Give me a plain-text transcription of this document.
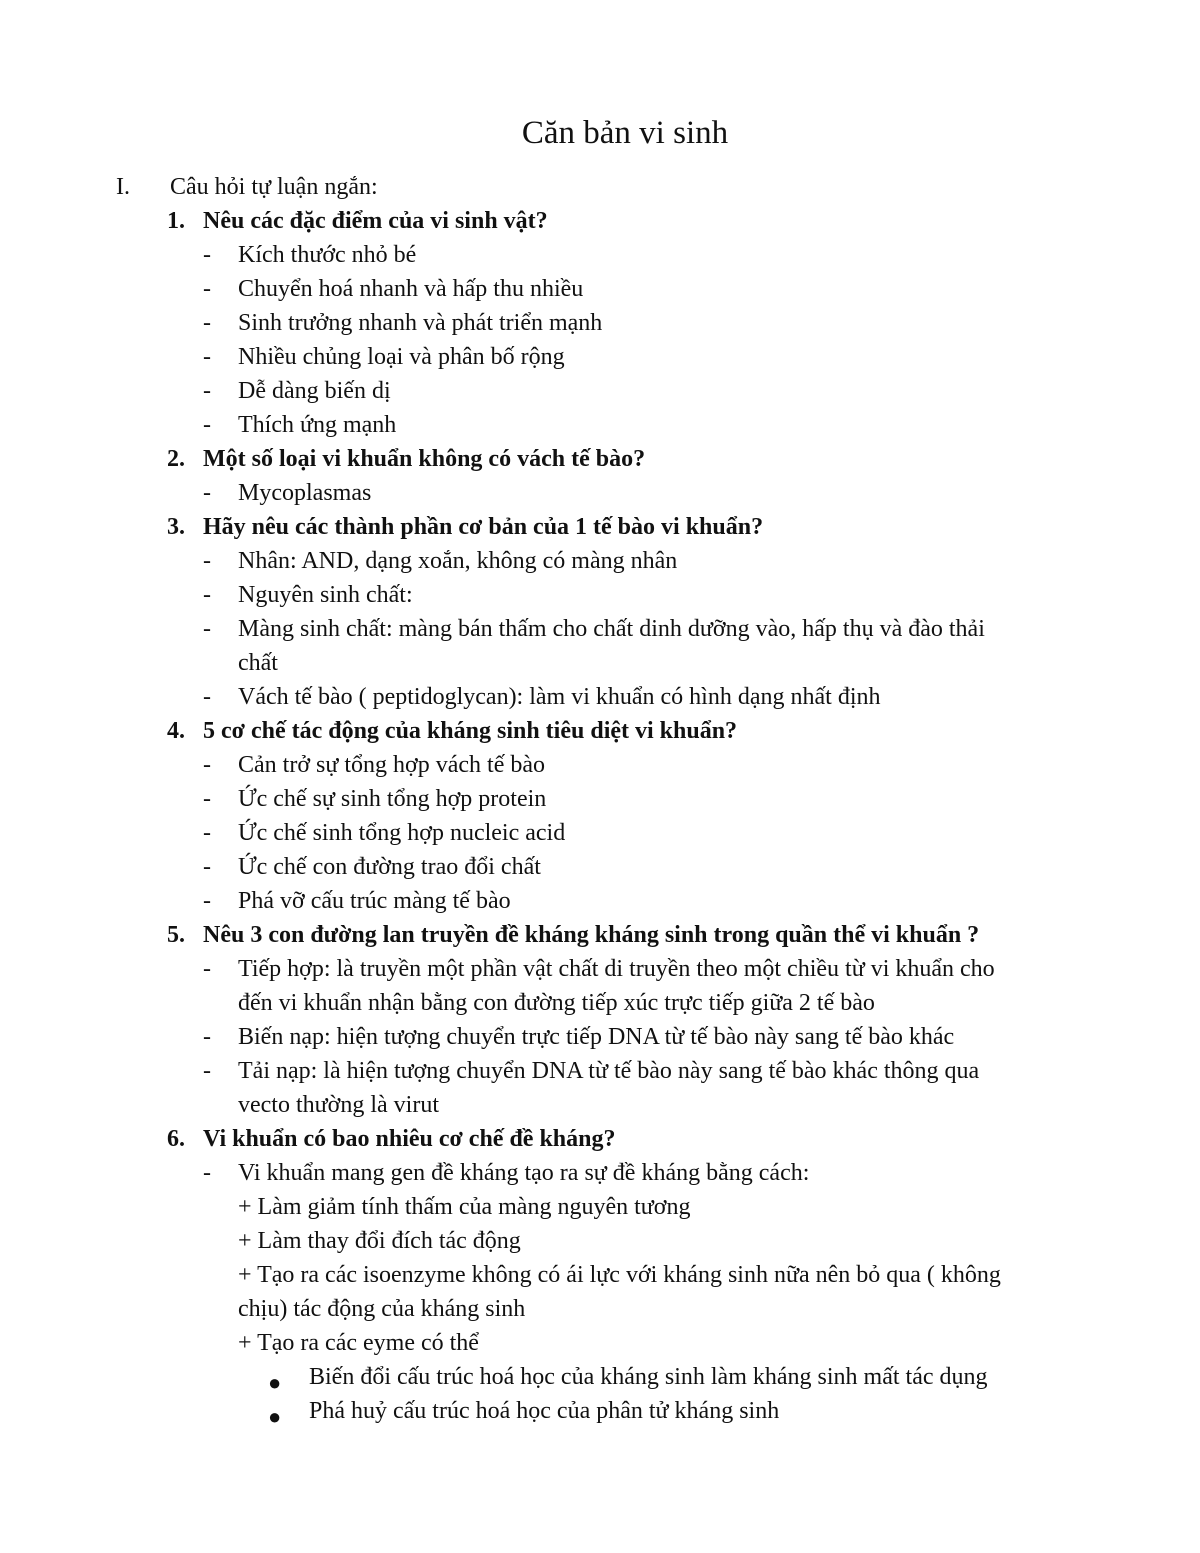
Căn bản vi sinh
I. Câu hỏi tự luận ngắn:
1. Nêu các đặc điểm của vi sinh vật?
- Kích thước nhỏ bé
- Chuyển hoá nhanh và hấp thu nhiều
- Sinh trưởng nhanh và phát triển mạnh
- Nhiều chủng loại và phân bố rộng
- Dễ dàng biến dị
- Thích ứng mạnh
2. Một số loại vi khuẩn không có vách tế bào?
- Mycoplasmas
3. Hãy nêu các thành phần cơ bản của 1 tế bào vi khuẩn?
- Nhân: AND, dạng xoắn, không có màng nhân
- Nguyên sinh chất:
- Màng sinh chất: màng bán thấm cho chất dinh dưỡng vào, hấp thụ và đào thải
chất
- Vách tế bào ( peptidoglycan): làm vi khuẩn có hình dạng nhất định
4. 5 cơ chế tác động của kháng sinh tiêu diệt vi khuẩn?
- Cản trở sự tổng hợp vách tế bào
- Ức chế sự sinh tổng hợp protein
- Ức chế sinh tổng hợp nucleic acid
- Ức chế con đường trao đổi chất
- Phá vỡ cấu trúc màng tế bào
5. Nêu 3 con đường lan truyền đề kháng kháng sinh trong quần thể vi khuẩn ?
- Tiếp hợp: là truyền một phần vật chất di truyền theo một chiều từ vi khuẩn cho
đến vi khuẩn nhận bằng con đường tiếp xúc trực tiếp giữa 2 tế bào
- Biến nạp: hiện tượng chuyển trực tiếp DNA từ tế bào này sang tế bào khác
- Tải nạp: là hiện tượng chuyển DNA từ tế bào này sang tế bào khác thông qua
vecto thường là virut
6. Vi khuẩn có bao nhiêu cơ chế đề kháng?
- Vi khuẩn mang gen đề kháng tạo ra sự đề kháng bằng cách:
+ Làm giảm tính thấm của màng nguyên tương
+ Làm thay đổi đích tác động
+ Tạo ra các isoenzyme không có ái lực với kháng sinh nữa nên bỏ qua ( không
chịu) tác động của kháng sinh
+ Tạo ra các eyme có thể
● Biến đổi cấu trúc hoá học của kháng sinh làm kháng sinh mất tác dụng
● Phá huỷ cấu trúc hoá học của phân tử kháng sinh
